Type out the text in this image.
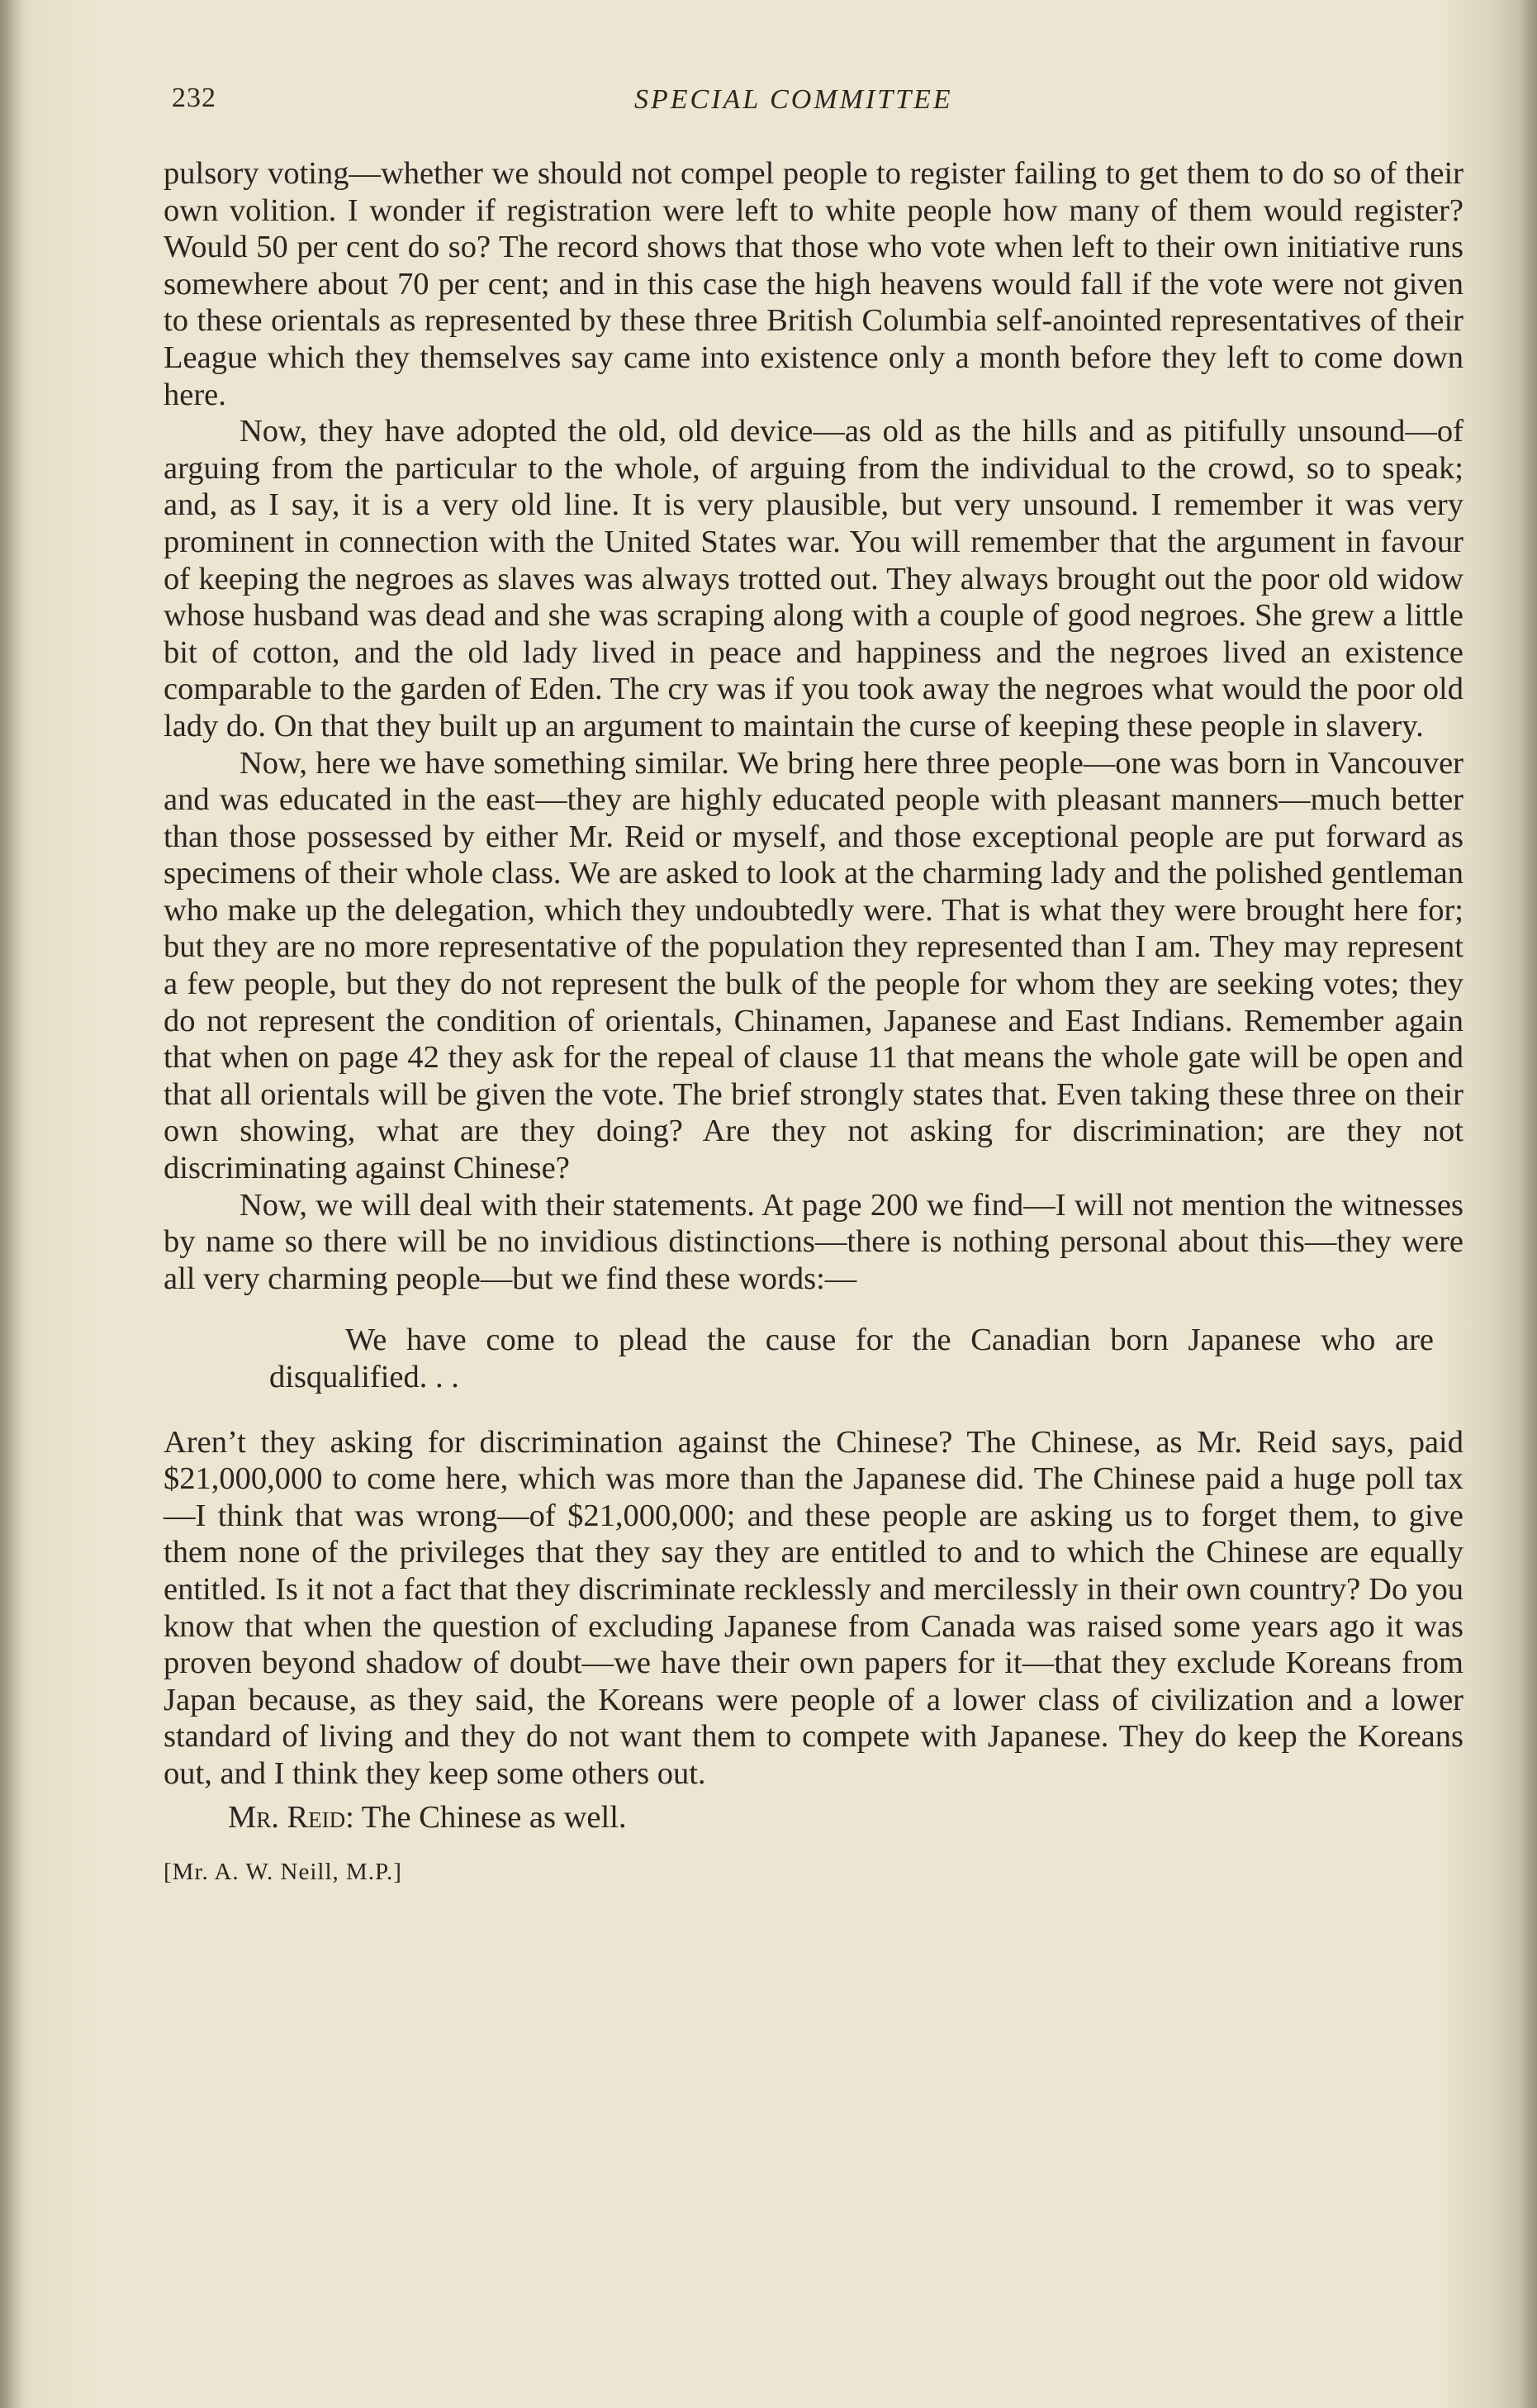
232	SPECIAL COMMITTEE

pulsory voting—whether we should not compel people to register failing to get them to do so of their own volition. I wonder if registration were left to white people how many of them would register? Would 50 per cent do so? The record shows that those who vote when left to their own initiative runs somewhere about 70 per cent; and in this case the high heavens would fall if the vote were not given to these orientals as represented by these three British Columbia self-anointed representatives of their League which they themselves say came into existence only a month before they left to come down here.

Now, they have adopted the old, old device—as old as the hills and as pitifully unsound—of arguing from the particular to the whole, of arguing from the individual to the crowd, so to speak; and, as I say, it is a very old line. It is very plausible, but very unsound. I remember it was very prominent in connection with the United States war. You will remember that the argument in favour of keeping the negroes as slaves was always trotted out. They always brought out the poor old widow whose husband was dead and she was scraping along with a couple of good negroes. She grew a little bit of cotton, and the old lady lived in peace and happiness and the negroes lived an existence comparable to the garden of Eden. The cry was if you took away the negroes what would the poor old lady do. On that they built up an argument to maintain the curse of keeping these people in slavery.

Now, here we have something similar. We bring here three people—one was born in Vancouver and was educated in the east—they are highly educated people with pleasant manners—much better than those possessed by either Mr. Reid or myself, and those exceptional people are put forward as specimens of their whole class. We are asked to look at the charming lady and the polished gentleman who make up the delegation, which they undoubtedly were. That is what they were brought here for; but they are no more representative of the population they represented than I am. They may represent a few people, but they do not represent the bulk of the people for whom they are seeking votes; they do not represent the condition of orientals, Chinamen, Japanese and East Indians. Remember again that when on page 42 they ask for the repeal of clause 11 that means the whole gate will be open and that all orientals will be given the vote. The brief strongly states that. Even taking these three on their own showing, what are they doing? Are they not asking for discrimination; are they not discriminating against Chinese?

Now, we will deal with their statements. At page 200 we find—I will not mention the witnesses by name so there will be no invidious distinctions—there is nothing personal about this—they were all very charming people—but we find these words:—

We have come to plead the cause for the Canadian born Japanese who are disqualified. . .

Aren’t they asking for discrimination against the Chinese? The Chinese, as Mr. Reid says, paid $21,000,000 to come here, which was more than the Japanese did. The Chinese paid a huge poll tax—I think that was wrong—of $21,000,000; and these people are asking us to forget them, to give them none of the privileges that they say they are entitled to and to which the Chinese are equally entitled. Is it not a fact that they discriminate recklessly and mercilessly in their own country? Do you know that when the question of excluding Japanese from Canada was raised some years ago it was proven beyond shadow of doubt—we have their own papers for it—that they exclude Koreans from Japan because, as they said, the Koreans were people of a lower class of civilization and a lower standard of living and they do not want them to compete with Japanese. They do keep the Koreans out, and I think they keep some others out.

Mr. Reid: The Chinese as well.

[Mr. A. W. Neill, M.P.]
